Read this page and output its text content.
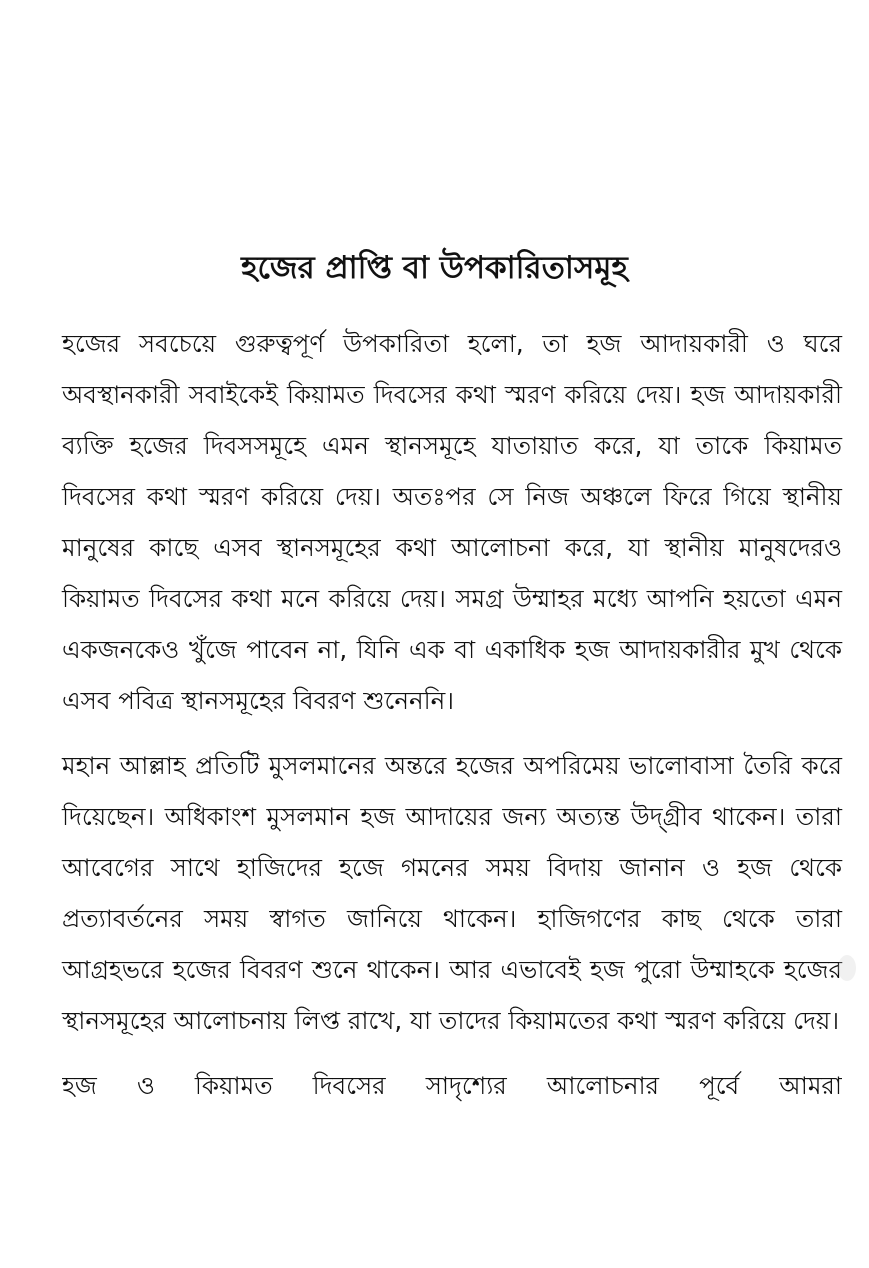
হজের প্রাপ্তি বা উপকারিতাসমূহ

হজের সবচেয়ে গুরুত্বপূর্ণ উপকারিতা হলো, তা হজ আদায়কারী ও ঘরে অবস্থানকারী সবাইকেই কিয়ামত দিবসের কথা স্মরণ করিয়ে দেয়। হজ আদায়কারী ব্যক্তি হজের দিবসসমূহে এমন স্থানসমূহে যাতায়াত করে, যা তাকে কিয়ামত দিবসের কথা স্মরণ করিয়ে দেয়। অতঃপর সে নিজ অঞ্চলে ফিরে গিয়ে স্থানীয় মানুষের কাছে এসব স্থানসমূহের কথা আলোচনা করে, যা স্থানীয় মানুষদেরও কিয়ামত দিবসের কথা মনে করিয়ে দেয়। সমগ্র উম্মাহর মধ্যে আপনি হয়তো এমন একজনকেও খুঁজে পাবেন না, যিনি এক বা একাধিক হজ আদায়কারীর মুখ থেকে এসব পবিত্র স্থানসমূহের বিবরণ শুনেননি।

মহান আল্লাহ প্রতিটি মুসলমানের অন্তরে হজের অপরিমেয় ভালোবাসা তৈরি করে দিয়েছেন। অধিকাংশ মুসলমান হজ আদায়ের জন্য অত্যন্ত উদ্‌গ্রীব থাকেন। তারা আবেগের সাথে হাজিদের হজে গমনের সময় বিদায় জানান ও হজ থেকে প্রত্যাবর্তনের সময় স্বাগত জানিয়ে থাকেন। হাজিগণের কাছ থেকে তারা আগ্রহভরে হজের বিবরণ শুনে থাকেন। আর এভাবেই হজ পুরো উম্মাহকে হজের স্থানসমূহের আলোচনায় লিপ্ত রাখে, যা তাদের কিয়ামতের কথা স্মরণ করিয়ে দেয়।

হজ ও কিয়ামত দিবসের সাদৃশ্যের আলোচনার পূর্বে আমরা
